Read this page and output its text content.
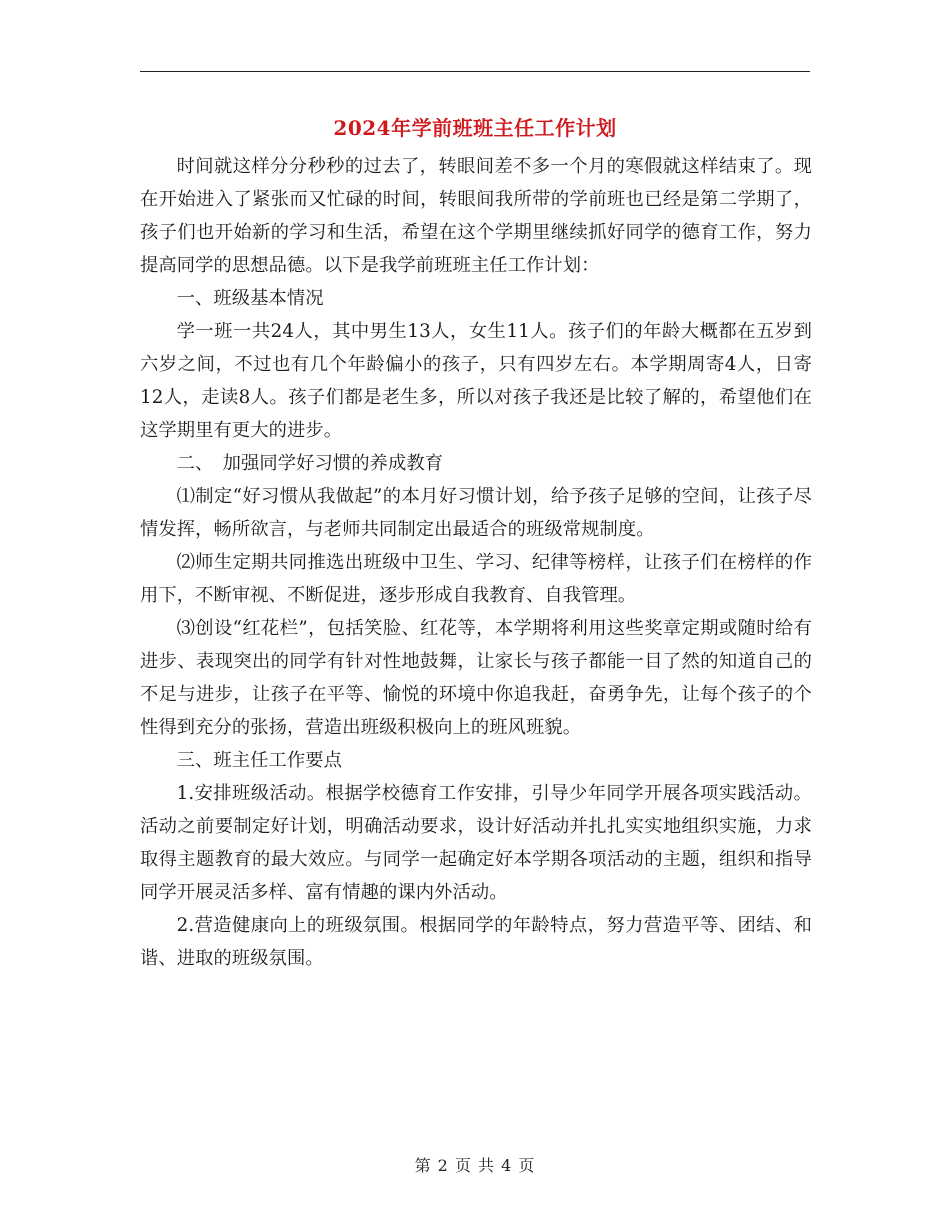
2024年学前班班主任工作计划

时间就这样分分秒秒的过去了，转眼间差不多一个月的寒假就这样结束了。现在开始进入了紧张而又忙碌的时间，转眼间我所带的学前班也已经是第二学期了，孩子们也开始新的学习和生活，希望在这个学期里继续抓好同学的德育工作，努力提高同学的思想品德。以下是我学前班班主任工作计划：

一、班级基本情况

学一班一共24人，其中男生13人，女生11人。孩子们的年龄大概都在五岁到六岁之间，不过也有几个年龄偏小的孩子，只有四岁左右。本学期周寄4人，日寄12人，走读8人。孩子们都是老生多，所以对孩子我还是比较了解的，希望他们在这学期里有更大的进步。

二、　加强同学好习惯的养成教育

⑴制定“好习惯从我做起”的本月好习惯计划，给予孩子足够的空间，让孩子尽情发挥，畅所欲言，与老师共同制定出最适合的班级常规制度。

⑵师生定期共同推选出班级中卫生、学习、纪律等榜样，让孩子们在榜样的作用下，不断审视、不断促进，逐步形成自我教育、自我管理。

⑶创设“红花栏”，包括笑脸、红花等，本学期将利用这些奖章定期或随时给有进步、表现突出的同学有针对性地鼓舞，让家长与孩子都能一目了然的知道自己的不足与进步，让孩子在平等、愉悦的环境中你追我赶，奋勇争先，让每个孩子的个性得到充分的张扬，营造出班级积极向上的班风班貌。

三、班主任工作要点

1.安排班级活动。根据学校德育工作安排，引导少年同学开展各项实践活动。活动之前要制定好计划，明确活动要求，设计好活动并扎扎实实地组织实施，力求取得主题教育的最大效应。与同学一起确定好本学期各项活动的主题，组织和指导同学开展灵活多样、富有情趣的课内外活动。

2.营造健康向上的班级氛围。根据同学的年龄特点，努力营造平等、团结、和谐、进取的班级氛围。

第 2 页 共 4 页
